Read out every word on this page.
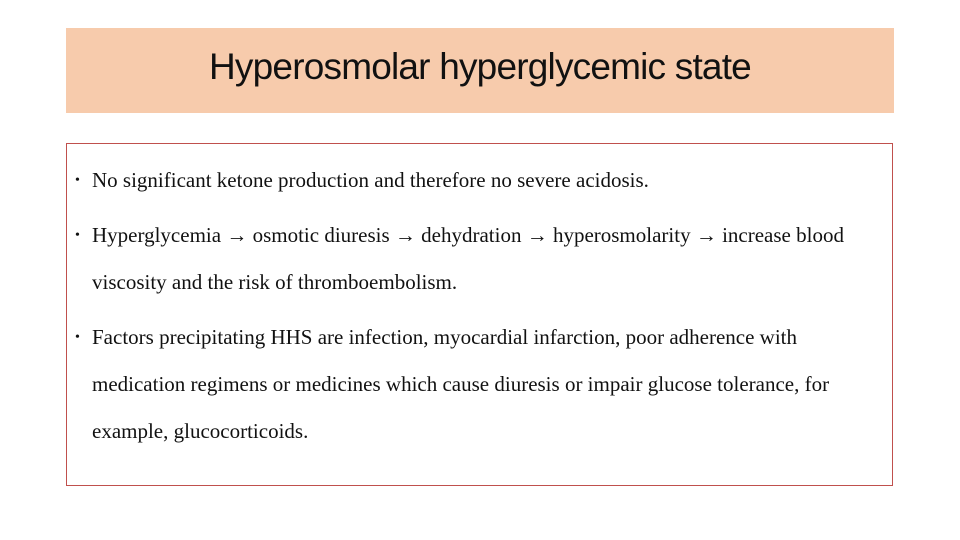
Hyperosmolar hyperglycemic state
• No significant ketone production and therefore no severe acidosis.
• Hyperglycemia → osmotic diuresis → dehydration → hyperosmolarity → increase blood viscosity and the risk of thromboembolism.
• Factors precipitating HHS are infection, myocardial infarction, poor adherence with medication regimens or medicines which cause diuresis or impair glucose tolerance, for example, glucocorticoids.
